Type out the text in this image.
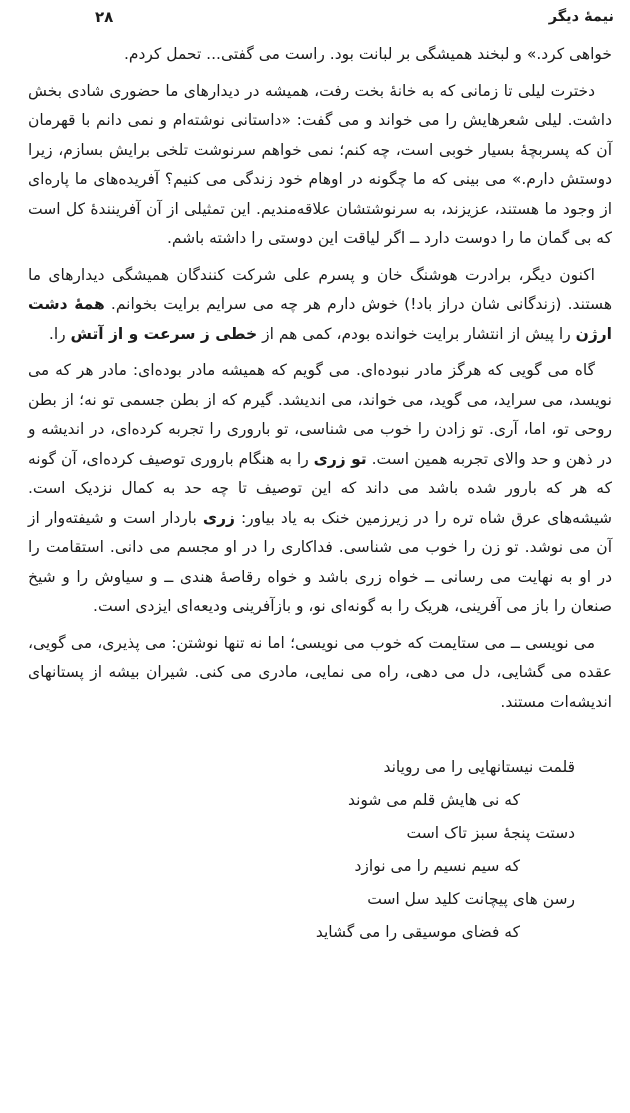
نیمهٔ دیگر
۲۸

خواهی کرد.» و لبخند همیشگی بر لبانت بود. راست می گفتی... تحمل کردم.

دخترت لیلی تا زمانی که به خانهٔ بخت رفت، همیشه در دیدارهای ما حضوری شادی بخش داشت. لیلی شعرهایش را می خواند و می گفت: «داستانی نوشته‌ام و نمی دانم با قهرمان آن که پسربچهٔ بسیار خوبی است، چه کنم؛ نمی خواهم سرنوشت تلخی برایش بسازم، زیرا دوستش دارم.» می بینی که ما چگونه در اوهام خود زندگی می کنیم؟ آفریده‌های ما پاره‌ای از وجود ما هستند، عزیزند، به سرنوشتشان علاقه‌مندیم. این تمثیلی از آن آفرینندهٔ کل است که بی گمان ما را دوست دارد ــ اگر لیاقت این دوستی را داشته باشم.

اکنون دیگر، برادرت هوشنگ خان و پسرم علی شرکت کنندگان همیشگی دیدارهای ما هستند. (زندگانی شان دراز باد!) خوش دارم هر چه می سرایم برایت بخوانم. همهٔ دشت ارژن را پیش از انتشار برایت خوانده بودم، کمی هم از خطی ز سرعت و از آتش را.

گاه می گویی که هرگز مادر نبوده‌ای. می گویم که همیشه مادر بوده‌ای: مادر هر که می نویسد، می سراید، می گوید، می خواند، می اندیشد. گیرم که از بطن جسمی تو نه؛ از بطن روحی تو، اما، آری. تو زادن را خوب می شناسی، تو باروری را تجربه کرده‌ای، در اندیشه و در ذهن و حد والای تجربه همین است. تو زری را به هنگام باروری توصیف کرده‌ای، آن گونه که هر که بارور شده باشد می داند که این توصیف تا چه حد به کمال نزدیک است. شیشه‌های عرق شاه تره را در زیرزمین خنک به یاد بیاور: زری باردار است و شیفته‌وار از آن می نوشد. تو زن را خوب می شناسی. فداکاری را در او مجسم می دانی. استقامت را در او به نهایت می رسانی ــ خواه زری باشد و خواه رقاصهٔ هندی ــ و سیاوش را و شیخ صنعان را باز می آفرینی، هریک را به گونه‌ای نو، و بازآفرینی ودیعه‌ای ایزدی است.

می نویسی ــ می ستایمت که خوب می نویسی؛ اما نه تنها نوشتن: می پذیری، می گویی، عقده می گشایی، دل می دهی، راه می نمایی، مادری می کنی. شیران بیشه از پستانهای اندیشه‌ات مستند.

قلمت نیستانهایی را می رویاند
که نی هایش قلم می شوند
دستت پنجهٔ سبز تاک است
که سیم نسیم را می نوازد
رسن های پیچانت کلید سل است
که فضای موسیقی را می گشاید
